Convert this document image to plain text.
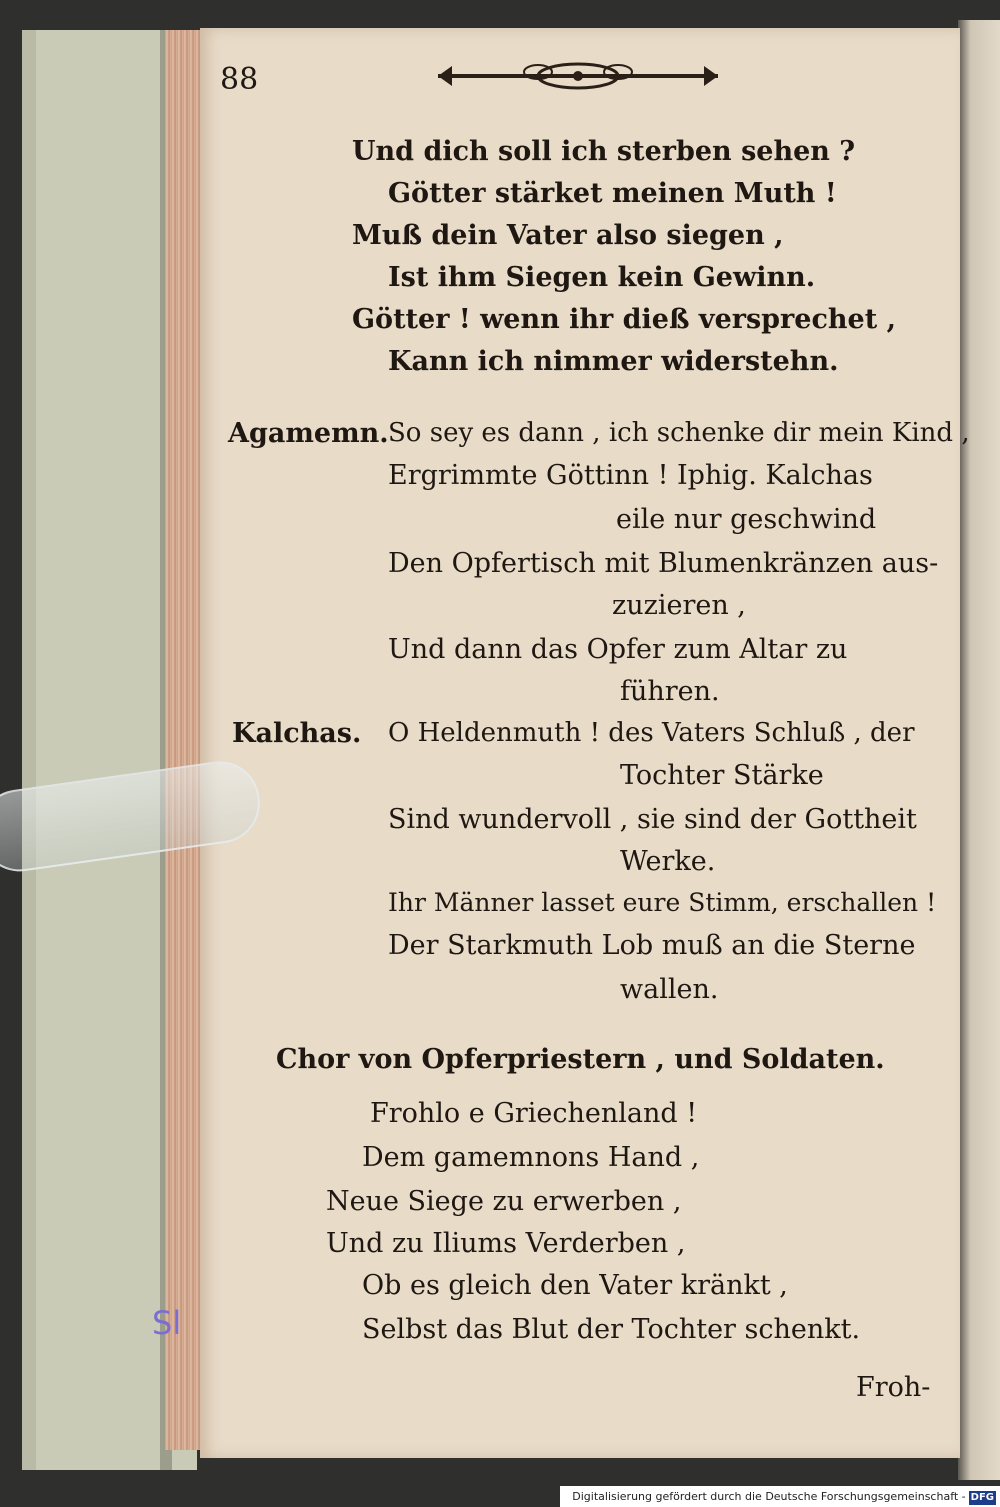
Sl
88
Und dich soll ich sterben sehen ?
Götter stärket meinen Muth !
Muß dein Vater also siegen ,
Ist ihm Siegen kein Gewinn.
Götter ! wenn ihr dieß versprechet ,
Kann ich nimmer widerstehn.
Agamemn. So sey es dann , ich schenke dir mein Kind ,
Ergrimmte Göttinn ! Iphig. Kalchas
eile nur geschwind
Den Opfertisch mit Blumenkränzen aus-
zuzieren ,
Und dann das Opfer zum Altar zu
führen.
Kalchas. O Heldenmuth ! des Vaters Schluß , der
Tochter Stärke
Sind wundervoll , sie sind der Gottheit
Werke.
Ihr Männer lasset eure Stimm, erschallen !
Der Starkmuth Lob muß an die Sterne
wallen.
Chor von Opferpriestern , und Soldaten.
Frohlo e Griechenland !
Dem gamemnons Hand ,
Neue Siege zu erwerben ,
Und zu Iliums Verderben ,
Ob es gleich den Vater kränkt ,
Selbst das Blut der Tochter schenkt.
Froh-
Digitalisierung gefördert durch die Deutsche Forschungsgemeinschaft - DFG
